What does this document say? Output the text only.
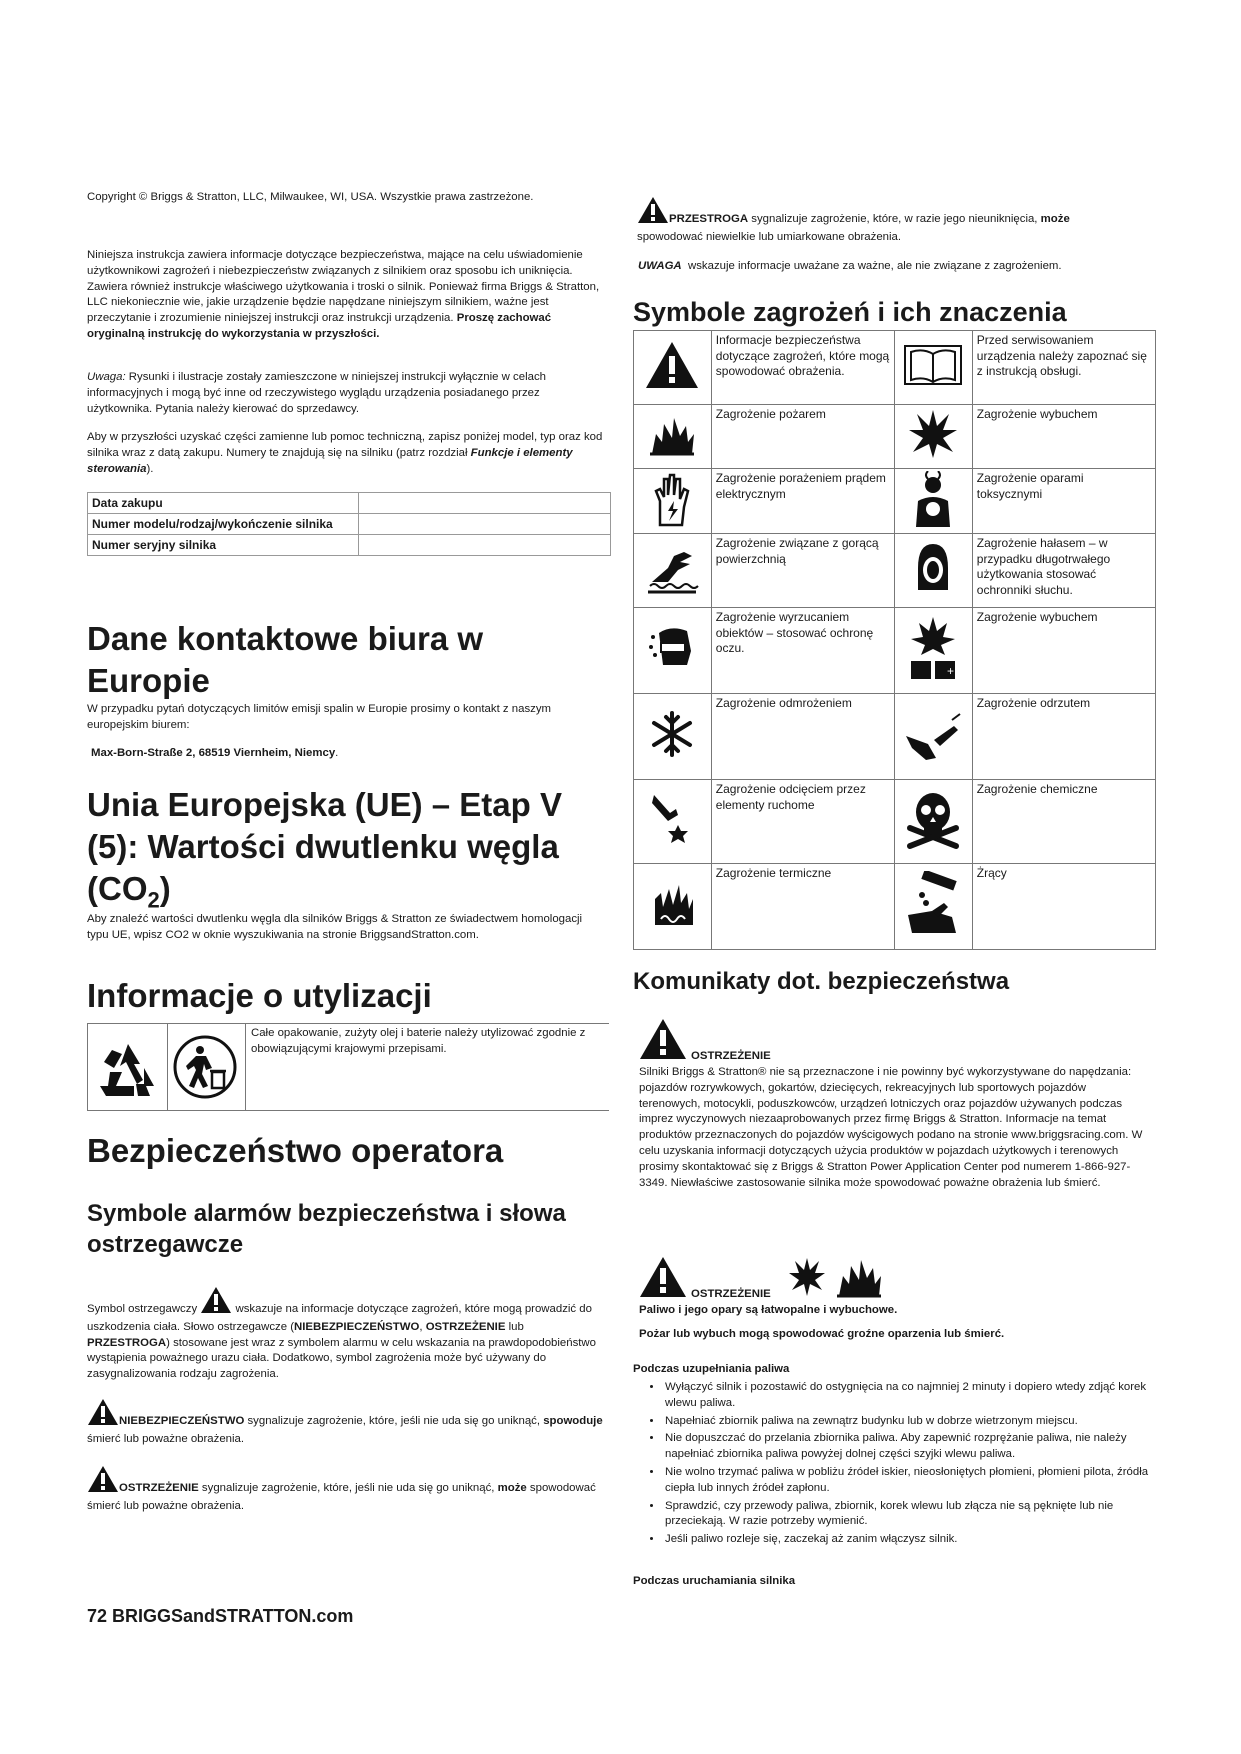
Copyright © Briggs & Stratton, LLC, Milwaukee, WI, USA. Wszystkie prawa zastrzeżone.

Niniejsza instrukcja zawiera informacje dotyczące bezpieczeństwa, mające na celu uświadomienie użytkownikowi zagrożeń i niebezpieczeństw związanych z silnikiem oraz sposobu ich uniknięcia. Zawiera również instrukcje właściwego użytkowania i troski o silnik. Ponieważ firma Briggs & Stratton, LLC niekoniecznie wie, jakie urządzenie będzie napędzane niniejszym silnikiem, ważne jest przeczytanie i zrozumienie niniejszej instrukcji oraz instrukcji urządzenia. Proszę zachować oryginalną instrukcję do wykorzystania w przyszłości.

Uwaga: Rysunki i ilustracje zostały zamieszczone w niniejszej instrukcji wyłącznie w celach informacyjnych i mogą być inne od rzeczywistego wyglądu urządzenia posiadanego przez użytkownika. Pytania należy kierować do sprzedawcy.

Aby w przyszłości uzyskać części zamienne lub pomoc techniczną, zapisz poniżej model, typ oraz kod silnika wraz z datą zakupu. Numery te znajdują się na silniku (patrz rozdział Funkcje i elementy sterowania).

Data zakupu	
Numer modelu/rodzaj/wykończenie silnika	
Numer seryjny silnika	
Dane kontaktowe biura w Europie

W przypadku pytań dotyczących limitów emisji spalin w Europie prosimy o kontakt z naszym europejskim biurem:

Max-Born-Straße 2, 68519 Viernheim, Niemcy.

Unia Europejska (UE) – Etap V (5): Wartości dwutlenku węgla $(CO_2)$

Aby znaleźć wartości dwutlenku węgla dla silników Briggs & Stratton ze świadectwem homologacji typu UE, wpisz CO2 w oknie wyszukiwania na stronie BriggsandStratton.com.

Informacje o utylizacji

Całe opakowanie, zużyty olej i baterie należy utylizować zgodnie z obowiązującymi krajowymi przepisami.

Bezpieczeństwo operatora
Symbole alarmów bezpieczeństwa i słowa ostrzegawcze

Symbol ostrzegawczy	wskazuje na informacje dotyczące zagrożeń, które mogą prowadzić do uszkodzenia ciała. Słowo ostrzegawcze (NIEBEZPIECZEŃSTWO, OSTRZEŻENIE lub PRZESTROGA) stosowane jest wraz z symbolem alarmu w celu wskazania na prawdopodobieństwo wystąpienia poważnego urazu ciała. Dodatkowo, symbol zagrożenia może być używany do zasygnalizowania rodzaju zagrożenia.

NIEBEZPIECZEŃSTWO sygnalizuje zagrożenie, które, jeśli nie uda się go uniknąć, spowoduje śmierć lub poważne obrażenia.

OSTRZEŻENIE sygnalizuje zagrożenie, które, jeśli nie uda się go uniknąć, może spowodować śmierć lub poważne obrażenia.

72 BRIGGSandSTRATTON.com

PRZESTROGA sygnalizuje zagrożenie, które, w razie jego nieuniknięcia, może spowodować niewielkie lub umiarkowane obrażenia.

UWAGA wskazuje informacje uważane za ważne, ale nie związane z zagrożeniem.

Symbole zagrożeń i ich znaczenia
	Informacje bezpieczeństwa dotyczące zagrożeń, które mogą spowodować obrażenia.		Przed serwisowaniem urządzenia należy zapoznać się z instrukcją obsługi.
	Zagrożenie pożarem		Zagrożenie wybuchem
	Zagrożenie porażeniem prądem elektrycznym		Zagrożenie oparami toksycznymi
	Zagrożenie związane z gorącą powierzchnią		Zagrożenie hałasem – w przypadku długotrwałego użytkowania stosować ochronniki słuchu.
	Zagrożenie wyrzucaniem obiektów – stosować ochronę oczu.	+	Zagrożenie wybuchem
	Zagrożenie odmrożeniem		Zagrożenie odrzutem
	Zagrożenie odcięciem przez elementy ruchome		Zagrożenie chemiczne
	Zagrożenie termiczne		Żrący
Komunikaty dot. bezpieczeństwa
OSTRZEŻENIE

Silniki Briggs & Stratton® nie są przeznaczone i nie powinny być wykorzystywane do napędzania: pojazdów rozrywkowych, gokartów, dziecięcych, rekreacyjnych lub sportowych pojazdów terenowych, motocykli, poduszkowców, urządzeń lotniczych oraz pojazdów używanych podczas imprez wyczynowych niezaaprobowanych przez firmę Briggs & Stratton. Informacje na temat produktów przeznaczonych do pojazdów wyścigowych podano na stronie www.briggsracing.com. W celu uzyskania informacji dotyczących użycia produktów w pojazdach użytkowych i terenowych prosimy skontaktować się z Briggs & Stratton Power Application Center pod numerem 1-866-927-3349. Niewłaściwe zastosowanie silnika może spowodować poważne obrażenia lub śmierć.

OSTRZEŻENIE

Paliwo i jego opary są łatwopalne i wybuchowe.

Pożar lub wybuch mogą spowodować groźne oparzenia lub śmierć.

Podczas uzupełniania paliwa

• Wyłączyć silnik i pozostawić do ostygnięcia na co najmniej 2 minuty i dopiero wtedy zdjąć korek wlewu paliwa.
• Napełniać zbiornik paliwa na zewnątrz budynku lub w dobrze wietrzonym miejscu.
• Nie dopuszczać do przelania zbiornika paliwa. Aby zapewnić rozprężanie paliwa, nie należy napełniać zbiornika paliwa powyżej dolnej części szyjki wlewu paliwa.
• Nie wolno trzymać paliwa w pobliżu źródeł iskier, nieosłoniętych płomieni, płomieni pilota, źródła ciepła lub innych źródeł zapłonu.
• Sprawdzić, czy przewody paliwa, zbiornik, korek wlewu lub złącza nie są pęknięte lub nie przeciekają. W razie potrzeby wymienić.
• Jeśli paliwo rozleje się, zaczekaj aż zanim włączysz silnik.

Podczas uruchamiania silnika
